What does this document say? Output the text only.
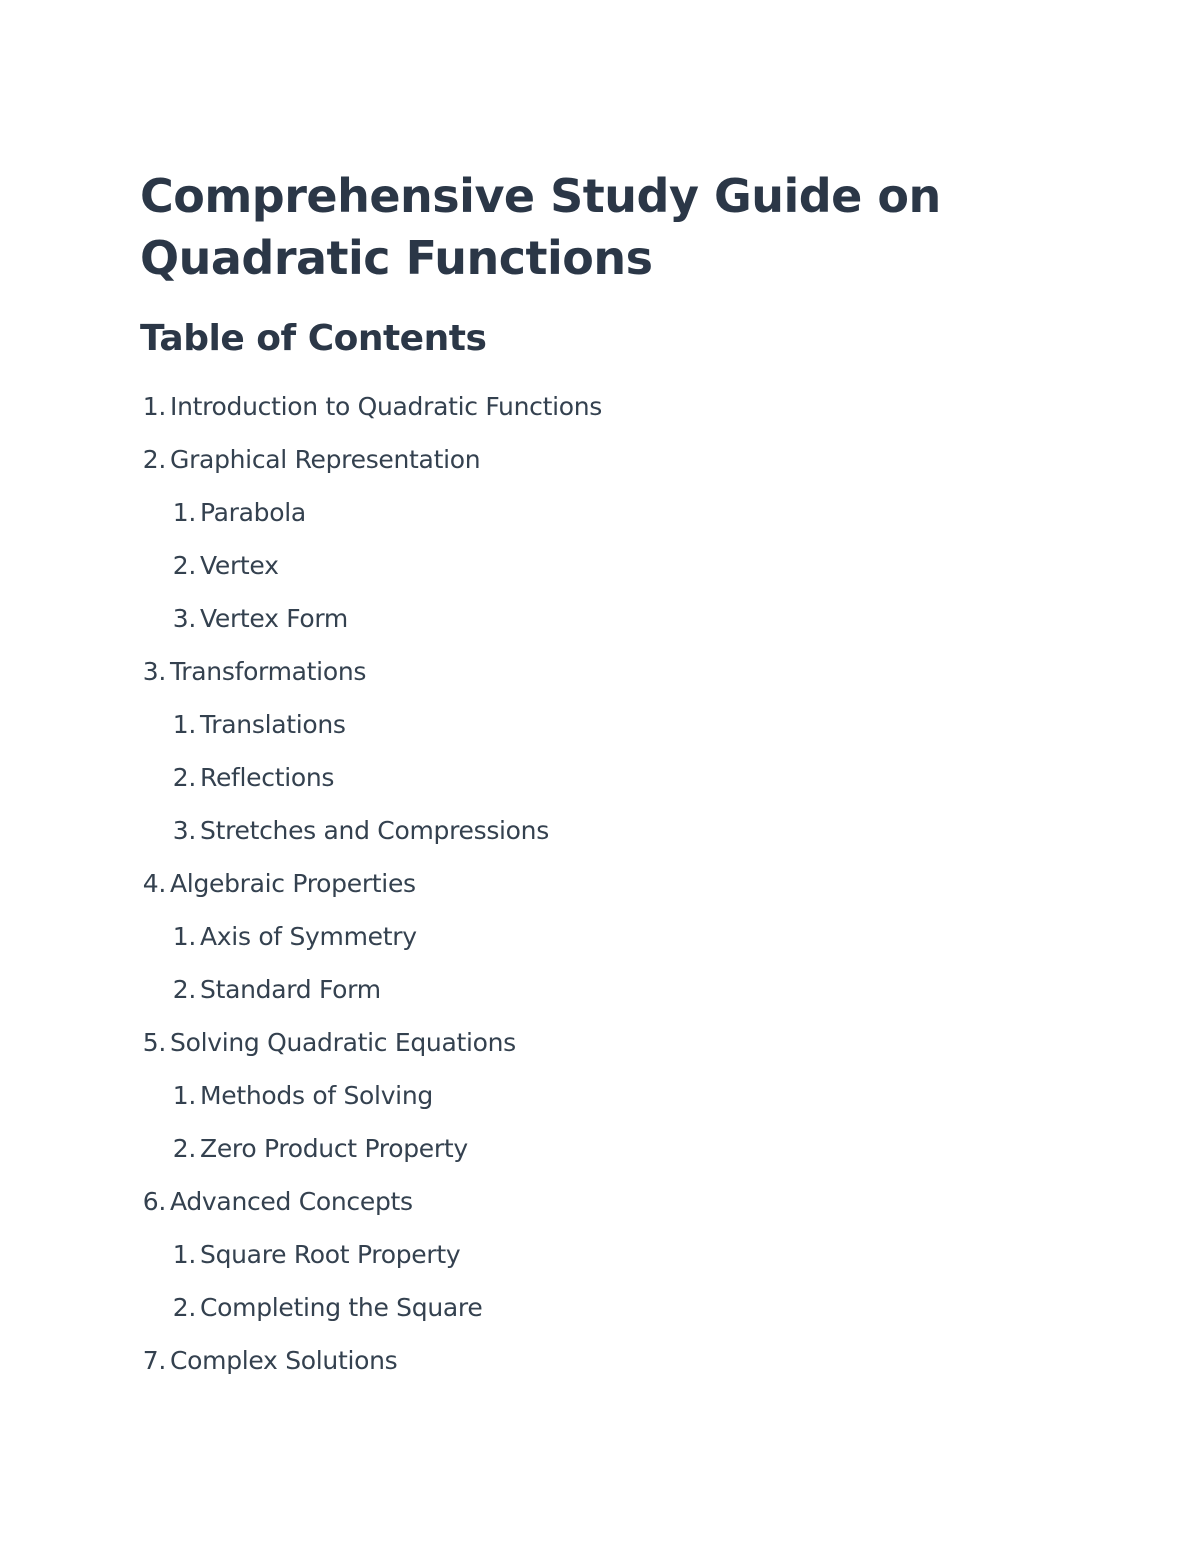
Comprehensive Study Guide on Quadratic Functions
Table of Contents
1. Introduction to Quadratic Functions
2. Graphical Representation
1. Parabola
2. Vertex
3. Vertex Form
3. Transformations
1. Translations
2. Reflections
3. Stretches and Compressions
4. Algebraic Properties
1. Axis of Symmetry
2. Standard Form
5. Solving Quadratic Equations
1. Methods of Solving
2. Zero Product Property
6. Advanced Concepts
1. Square Root Property
2. Completing the Square
7. Complex Solutions
